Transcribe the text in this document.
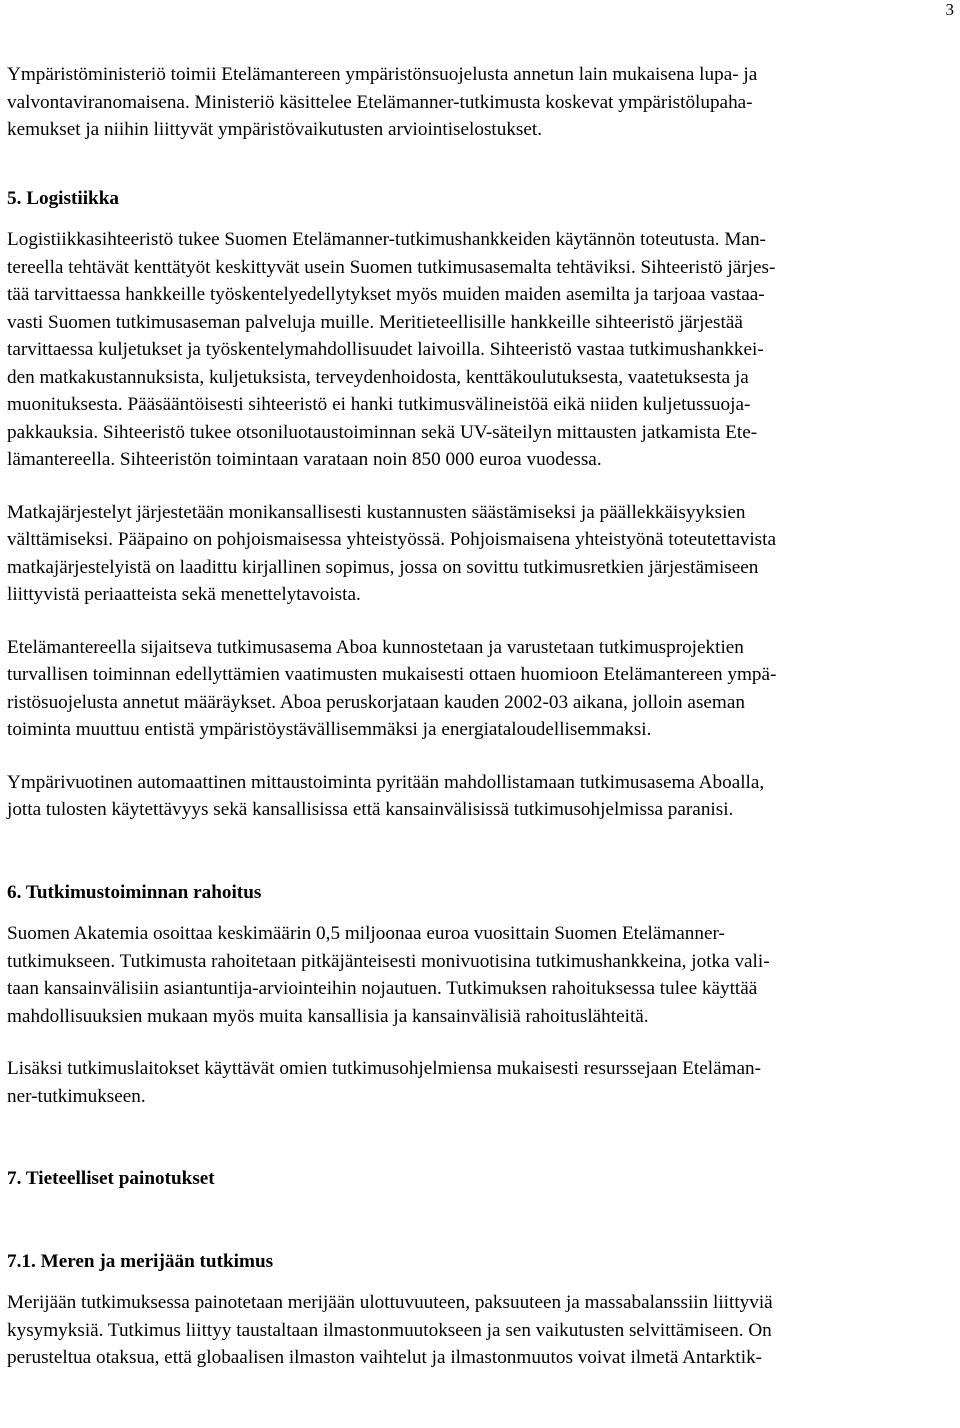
3

Ympäristöministeriö toimii Etelämantereen ympäristönsuojelusta annetun lain mukaisena lupa- ja
valvontaviranomaisena. Ministeriö käsittelee Etelämanner-tutkimusta koskevat ympäristölupaha-
kemukset ja niihin liittyvät ympäristövaikutusten arviointiselostukset.

5. Logistiikka

Logistiikkasihteeristö tukee Suomen Etelämanner-tutkimushankkeiden käytännön toteutusta. Man-
tereella tehtävät kenttätyöt keskittyvät usein Suomen tutkimusasemalta tehtäviksi. Sihteeristö järjes-
tää tarvittaessa hankkeille työskentelyedellytykset myös muiden maiden asemilta ja tarjoaa vastaa-
vasti Suomen tutkimusaseman palveluja muille. Meritieteellisille hankkeille sihteeristö järjestää
tarvittaessa kuljetukset ja työskentelymahdollisuudet laivoilla. Sihteeristö vastaa tutkimushankkei-
den matkakustannuksista, kuljetuksista, terveydenhoidosta, kenttäkoulutuksesta, vaatetuksesta ja
muonituksesta. Pääsääntöisesti sihteeristö ei hanki tutkimusvälineistöä eikä niiden kuljetussuoja-
pakkauksia. Sihteeristö tukee otsoniluotaustoiminnan sekä UV-säteilyn mittausten jatkamista Ete-
lämantereella. Sihteeristön toimintaan varataan noin 850 000 euroa vuodessa.

Matkajärjestelyt järjestetään monikansallisesti kustannusten säästämiseksi ja päällekkäisyyksien
välttämiseksi. Pääpaino on pohjoismaisessa yhteistyössä. Pohjoismaisena yhteistyönä toteutettavista
matkajärjestelyistä on laadittu kirjallinen sopimus, jossa on sovittu tutkimusretkien järjestämiseen
liittyvistä periaatteista sekä menettelytavoista.

Etelämantereella sijaitseva tutkimusasema Aboa kunnostetaan ja varustetaan tutkimusprojektien
turvallisen toiminnan edellyttämien vaatimusten mukaisesti ottaen huomioon Etelämantereen ympä-
ristösuojelusta annetut määräykset. Aboa peruskorjataan kauden 2002-03 aikana, jolloin aseman
toiminta muuttuu entistä ympäristöystävällisemmäksi ja energiataloudellisemmaksi.

Ympärivuotinen automaattinen mittaustoiminta pyritään mahdollistamaan tutkimusasema Aboalla,
jotta tulosten käytettävyys sekä kansallisissa että kansainvälisissä tutkimusohjelmissa paranisi.

6. Tutkimustoiminnan rahoitus

Suomen Akatemia osoittaa keskimäärin 0,5 miljoonaa euroa vuosittain Suomen Etelämanner-
tutkimukseen. Tutkimusta rahoitetaan pitkäjänteisesti monivuotisina tutkimushankkeina, jotka vali-
taan kansainvälisiin asiantuntija-arviointeihin nojautuen. Tutkimuksen rahoituksessa tulee käyttää
mahdollisuuksien mukaan myös muita kansallisia ja kansainvälisiä rahoituslähteitä.

Lisäksi tutkimuslaitokset käyttävät omien tutkimusohjelmiensa mukaisesti resurssejaan Eteläman-
ner-tutkimukseen.

7. Tieteelliset painotukset
7.1. Meren ja merijään tutkimus

Merijään tutkimuksessa painotetaan merijään ulottuvuuteen, paksuuteen ja massabalanssiin liittyviä
kysymyksiä. Tutkimus liittyy taustaltaan ilmastonmuutokseen ja sen vaikutusten selvittämiseen. On
perusteltua otaksua, että globaalisen ilmaston vaihtelut ja ilmastonmuutos voivat ilmetä Antarktik-
